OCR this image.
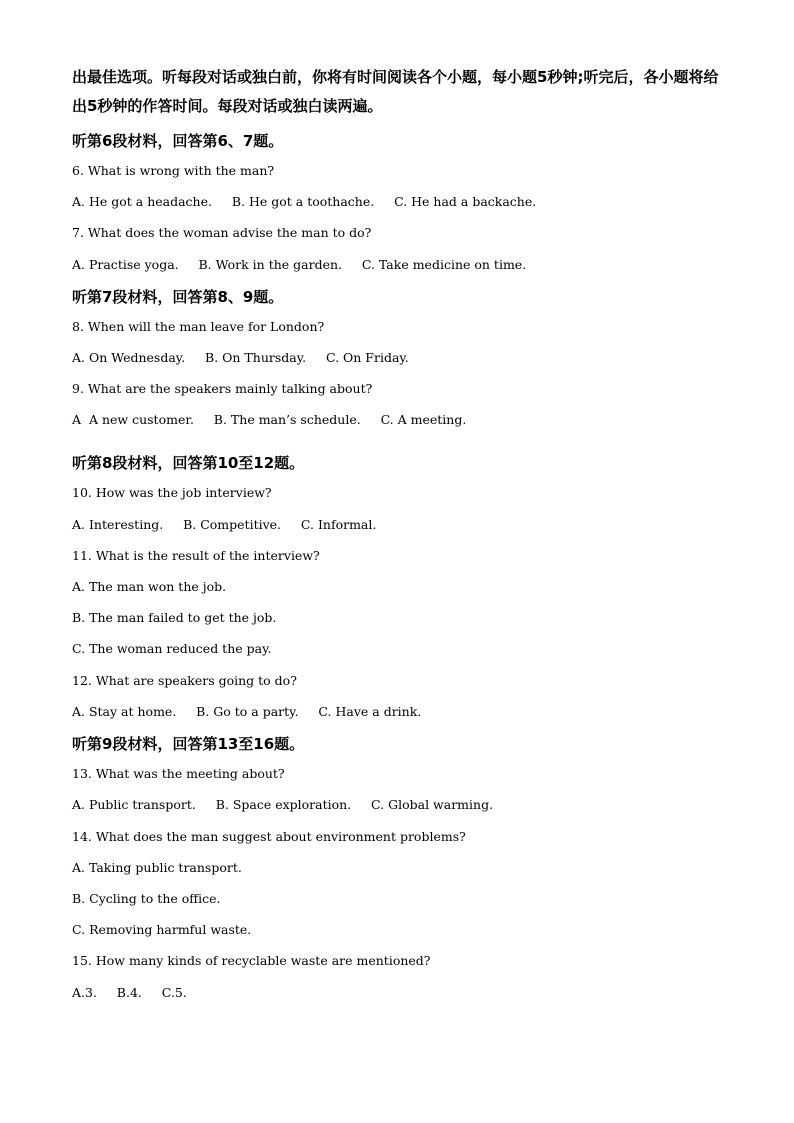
出最佳选项。听每段对话或独白前，你将有时间阅读各个小题，每小题5秒钟;听完后，各小题将给出5秒钟的作答时间。每段对话或独白读两遍。
听第6段材料，回答第6、7题。
6. What is wrong with the man?
A. He got a headache.     B. He got a toothache.     C. He had a backache.
7. What does the woman advise the man to do?
A. Practise yoga.     B. Work in the garden.     C. Take medicine on time.
听第7段材料，回答第8、9题。
8. When will the man leave for London?
A. On Wednesday.     B. On Thursday.     C. On Friday.
9. What are the speakers mainly talking about?
A  A new customer.     B. The man’s schedule.     C. A meeting.
听第8段材料，回答第10至12题。
10. How was the job interview?
A. Interesting.     B. Competitive.     C. Informal.
11. What is the result of the interview?
A. The man won the job.
B. The man failed to get the job.
C. The woman reduced the pay.
12. What are speakers going to do?
A. Stay at home.     B. Go to a party.     C. Have a drink.
听第9段材料，回答第13至16题。
13. What was the meeting about?
A. Public transport.     B. Space exploration.     C. Global warming.
14. What does the man suggest about environment problems?
A. Taking public transport.
B. Cycling to the office.
C. Removing harmful waste.
15. How many kinds of recyclable waste are mentioned?
A.3.     B.4.     C.5.
